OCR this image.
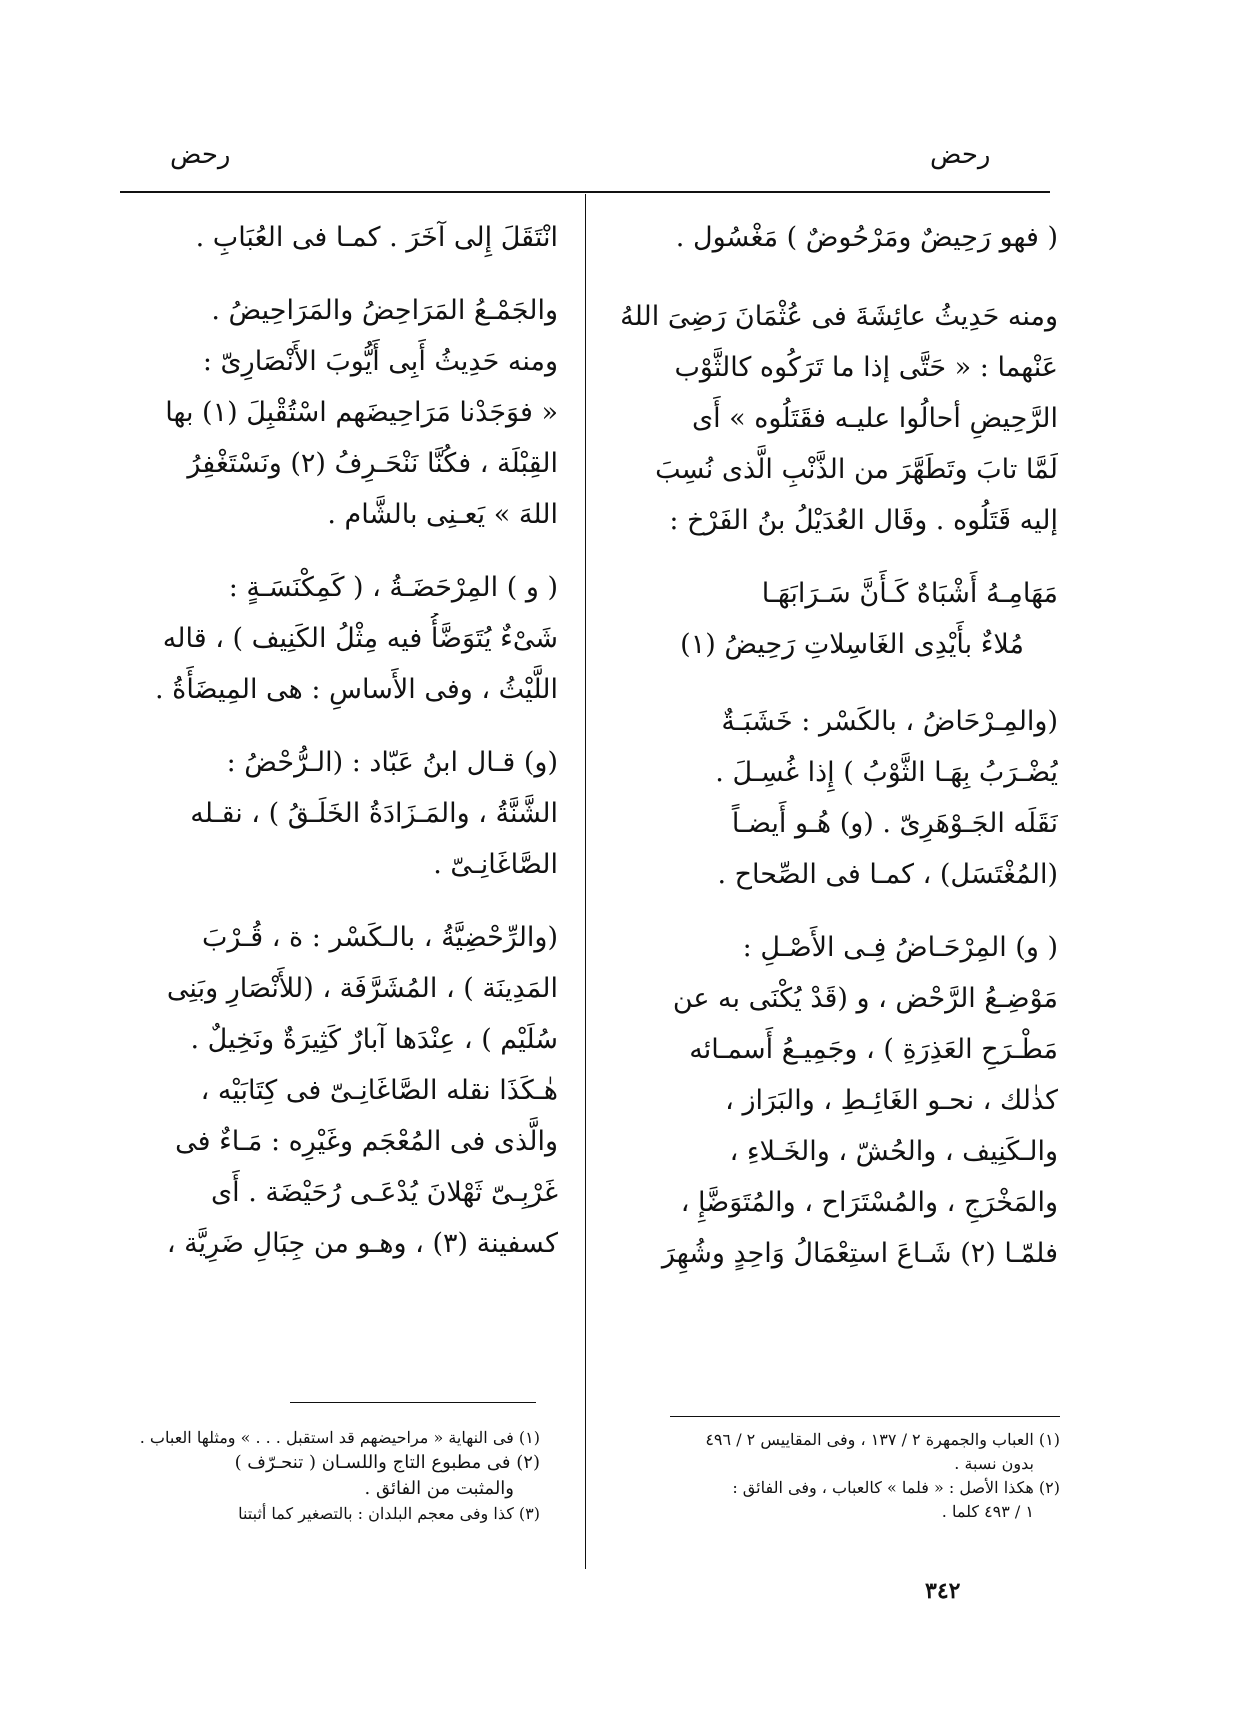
رحض
رحض
( فهو رَحِيضٌ ومَرْحُوضٌ ) مَغْسُول .
ومنه حَدِيثُ عائِشَةَ فى عُثْمَانَ رَضِىَ اللهُ
عَنْهما : « حَتَّى إذا ما تَرَكُوه كالثَّوْب
الرَّحِيضِ أحالُوا عليـه فقَتَلُوه » أَى
لَمَّا تابَ وتَطَهَّرَ من الذَّنْبِ الَّذى نُسِبَ
إليه قَتَلُوه . وقَال العُدَيْلُ بنُ الفَرْخ :
مَهَامِـهُ أَشْبَاهٌ كَـأَنَّ سَـرَابَهَـا
مُلاءٌ بأَيْدِى الغَاسِلاتِ رَحِيضُ (١)
(والمِـرْحَاضُ ، بالكَسْر : خَشَبَـةٌ
يُضْـرَبُ بِهَـا الثَّوْبُ ) إِذا غُسِـلَ .
نَقَلَه الجَـوْهَرِىّ . (و) هُـو أَيضـاً
(المُغْتَسَل) ، كمـا فى الصِّحاح .
( و) المِرْحَـاضُ فِـى الأَصْـلِ :
مَوْضِـعُ الرَّحْض ، و (قَدْ يُكْنَى به عن
مَطْـرَحِ العَذِرَةِ ) ، وجَمِيـعُ أَسمـائه
كذٰلك ، نحـو الغَائِـطِ ، والبَرَاز ،
والـكَنِيف ، والحُشّ ، والخَـلاءِ ،
والمَخْرَجِ ، والمُسْتَرَاح ، والمُتَوَضَّإِ ،
فلمّـا (٢) شَـاعَ استِعْمَالُ وَاحِدٍ وشُهِرَ
انْتَقَلَ إِلى آخَرَ . كمـا فى العُبَابِ .
والجَمْـعُ المَرَاحِضُ والمَرَاحِيضُ .
ومنه حَدِيثُ أَبِى أَيُّوبَ الأَنْصَارِىّ :
« فوَجَدْنا مَرَاحِيضَهم اسْتُقْبِلَ (١) بها
القِبْلَة ، فكُنَّا نَنْحَـرِفُ (٢) ونَسْتَغْفِرُ
اللهَ » يَعـنِى بالشَّام .
( و ) المِرْحَضَـةُ ، ( كَمِكْنَسَـةٍ :
شَىْءٌ يُتَوَضَّأُ فيه مِثْلُ الكَنِيف ) ، قاله
اللَّيْثُ ، وفى الأَساسِ : هى المِيضَأَةُ .
(و) قـال ابنُ عَبّاد : (الـرُّحْضُ :
الشَّنَّةُ ، والمَـزَادَةُ الخَلَـقُ ) ، نقـله
الصَّاغَانِـىّ .
(والرِّحْضِيَّةُ ، بالـكَسْر : ة ، قُـرْبَ
المَدِينَة ) ، المُشَرَّفَة ، (للأَنْصَارِ وبَنِى
سُلَيْم ) ، عِنْدَها آبارٌ كَثِيرَةٌ ونَخِيلٌ .
هٰـكَذَا نقله الصَّاغَانِـىّ فى كِتَابَيْه ،
والَّذى فى المُعْجَم وغَيْرِه : مَـاءٌ فى
غَرْبِـىّ ثَهْلانَ يُدْعَـى رُحَيْضَة . أَى
كسفينة (٣) ، وهـو من جِبَالِ ضَرِيَّة ،
(١) العباب والجمهرة ٢ / ١٣٧ ، وفى المقاييس ٢ / ٤٩٦
بدون نسبة .
(٢) هكذا الأصل : « فلما » كالعباب ، وفى الفائق :
١ / ٤٩٣ كلما .
(١) فى النهاية « مراحيضهم قد استقبل . . . » ومثلها العباب .
(٢) فى مطبوع التاج واللسـان ( تنحـرّف )
والمثبت من الفائق .
(٣) كذا وفى معجم البلدان : بالتصغير كما أثبتنا
٣٤٢
